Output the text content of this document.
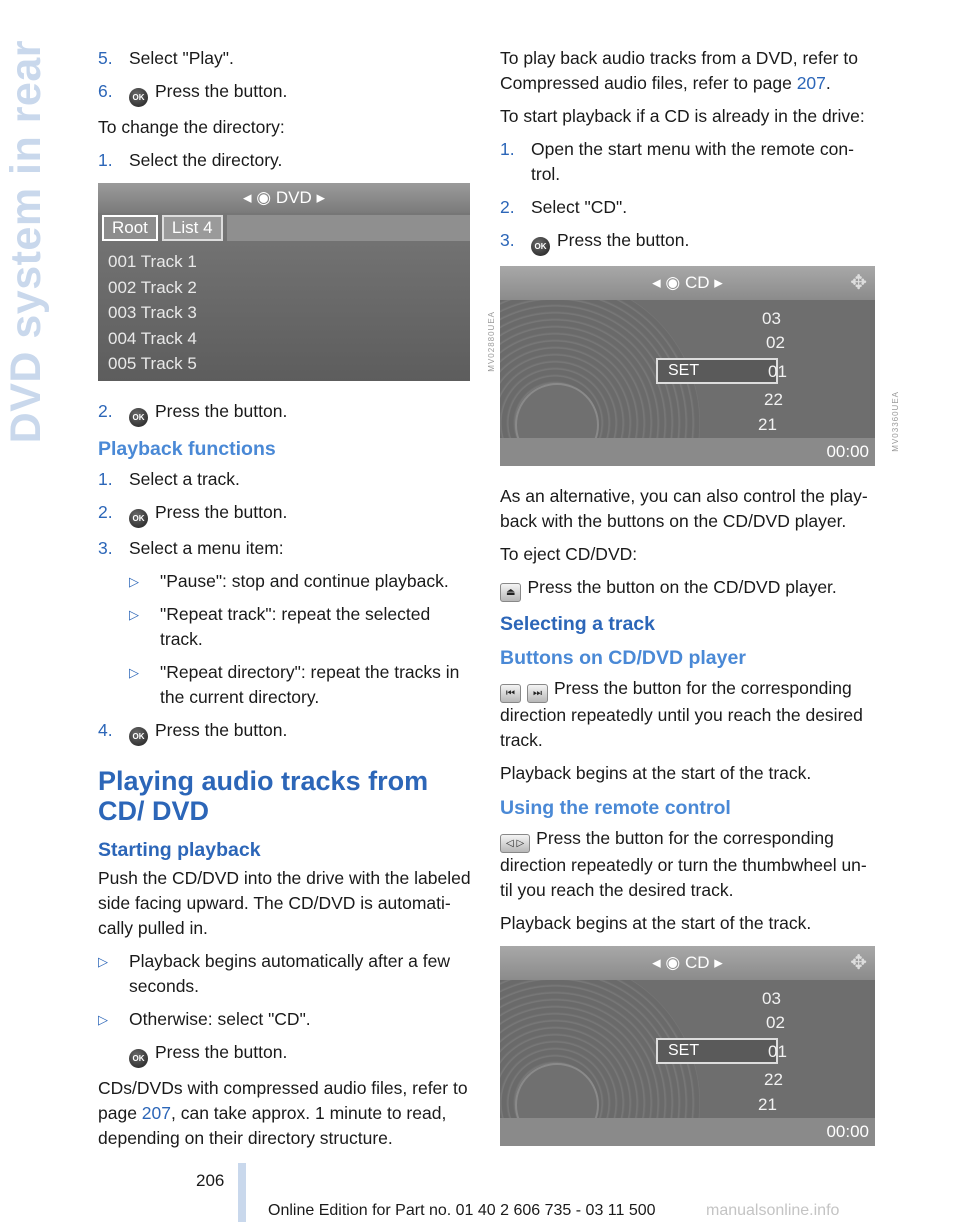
DVD system in rear	5. Select "Play".
6.	OK Press the button.

To change the directory:

1. Select the directory.
◂ ◉ DVD ▸
Root	List 4
001 Track 1
002 Track 2
003 Track 3
004 Track 4
005 Track 5	MV02880UEA
2.	OK Press the button.
Playback functions
1. Select a track.
2.	OK Press the button.
3. Select a menu item:
▷	"Pause": stop and continue playback.
▷	"Repeat track": repeat the selected track.
▷	"Repeat directory": repeat the tracks in the current directory.
4.	OK Press the button.
Playing audio tracks from CD/ DVD
Starting playback

Push the CD/DVD into the drive with the labeled side facing upward. The CD/DVD is automati-cally pulled in.

▷	Playback begins automatically after a few seconds.
▷	Otherwise: select "CD".

OK Press the button.

CDs/DVDs with compressed audio files, refer to page 207, can take approx. 1 minute to read, depending on their directory structure.

To play back audio tracks from a DVD, refer to Compressed audio files, refer to page 207.

To start playback if a CD is already in the drive:

1. Open the start menu with the remote con-trol.
2. Select "CD".
3.	OK Press the button.
◂ ◉ CD ▸	✥
03
02
SET	01
22
21
00:00	MV03360UEA

As an alternative, you can also control the play-back with the buttons on the CD/DVD player.

To eject CD/DVD:

⏏ Press the button on the CD/DVD player.

Selecting a track
Buttons on CD/DVD player

⏮ ⏭ Press the button for the corresponding direction repeatedly until you reach the desired track.

Playback begins at the start of the track.

Using the remote control

◁ ▷ Press the button for the corresponding direction repeatedly or turn the thumbwheel un-til you reach the desired track.

Playback begins at the start of the track.

◂ ◉ CD ▸	✥
03
02
SET	01
22
21
00:00
206
Online Edition for Part no. 01 40 2 606 735 - 03 11 500	manualsonline.info
